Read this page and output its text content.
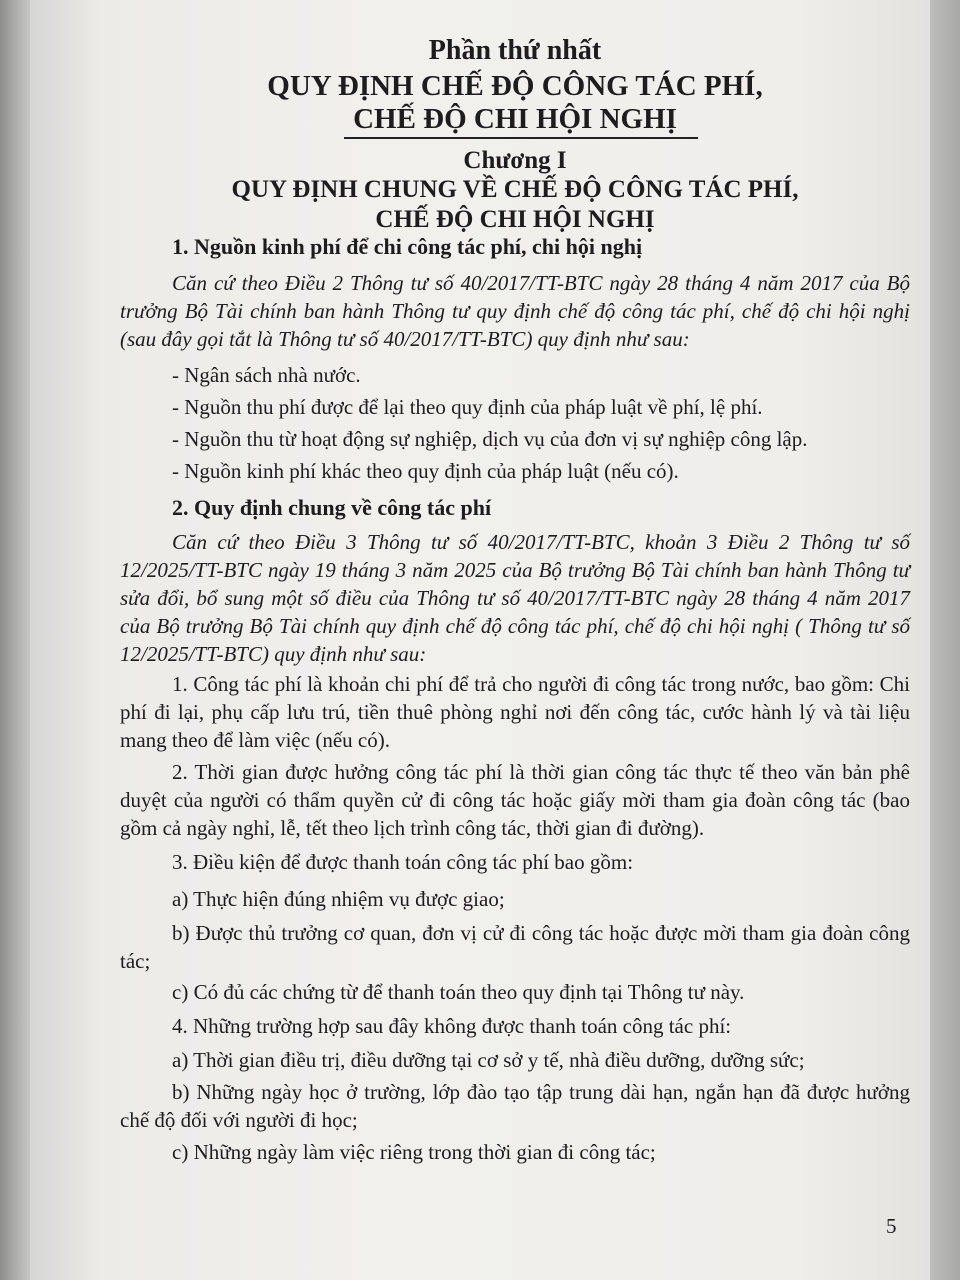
Phần thứ nhất
QUY ĐỊNH CHẾ ĐỘ CÔNG TÁC PHÍ,
CHẾ ĐỘ CHI HỘI NGHỊ
Chương I
QUY ĐỊNH CHUNG VỀ CHẾ ĐỘ CÔNG TÁC PHÍ,
CHẾ ĐỘ CHI HỘI NGHỊ

1. Nguồn kinh phí để chi công tác phí, chi hội nghị

Căn cứ theo Điều 2 Thông tư số 40/2017/TT-BTC ngày 28 tháng 4 năm 2017 của Bộ trưởng Bộ Tài chính ban hành Thông tư quy định chế độ công tác phí, chế độ chi hội nghị (sau đây gọi tắt là Thông tư số 40/2017/TT-BTC) quy định như sau:

- Ngân sách nhà nước.

- Nguồn thu phí được để lại theo quy định của pháp luật về phí, lệ phí.

- Nguồn thu từ hoạt động sự nghiệp, dịch vụ của đơn vị sự nghiệp công lập.

- Nguồn kinh phí khác theo quy định của pháp luật (nếu có).

2. Quy định chung về công tác phí

Căn cứ theo Điều 3 Thông tư số 40/2017/TT-BTC, khoản 3 Điều 2 Thông tư số 12/2025/TT-BTC ngày 19 tháng 3 năm 2025 của Bộ trưởng Bộ Tài chính ban hành Thông tư sửa đổi, bổ sung một số điều của Thông tư số 40/2017/TT-BTC ngày 28 tháng 4 năm 2017 của Bộ trưởng Bộ Tài chính quy định chế độ công tác phí, chế độ chi hội nghị ( Thông tư số 12/2025/TT-BTC) quy định như sau:

1. Công tác phí là khoản chi phí để trả cho người đi công tác trong nước, bao gồm: Chi phí đi lại, phụ cấp lưu trú, tiền thuê phòng nghỉ nơi đến công tác, cước hành lý và tài liệu mang theo để làm việc (nếu có).

2. Thời gian được hưởng công tác phí là thời gian công tác thực tế theo văn bản phê duyệt của người có thẩm quyền cử đi công tác hoặc giấy mời tham gia đoàn công tác (bao gồm cả ngày nghỉ, lễ, tết theo lịch trình công tác, thời gian đi đường).

3. Điều kiện để được thanh toán công tác phí bao gồm:

a) Thực hiện đúng nhiệm vụ được giao;

b) Được thủ trưởng cơ quan, đơn vị cử đi công tác hoặc được mời tham gia đoàn công tác;

c) Có đủ các chứng từ để thanh toán theo quy định tại Thông tư này.

4. Những trường hợp sau đây không được thanh toán công tác phí:

a) Thời gian điều trị, điều dưỡng tại cơ sở y tế, nhà điều dưỡng, dưỡng sức;

b) Những ngày học ở trường, lớp đào tạo tập trung dài hạn, ngắn hạn đã được hưởng chế độ đối với người đi học;

c) Những ngày làm việc riêng trong thời gian đi công tác;

5
